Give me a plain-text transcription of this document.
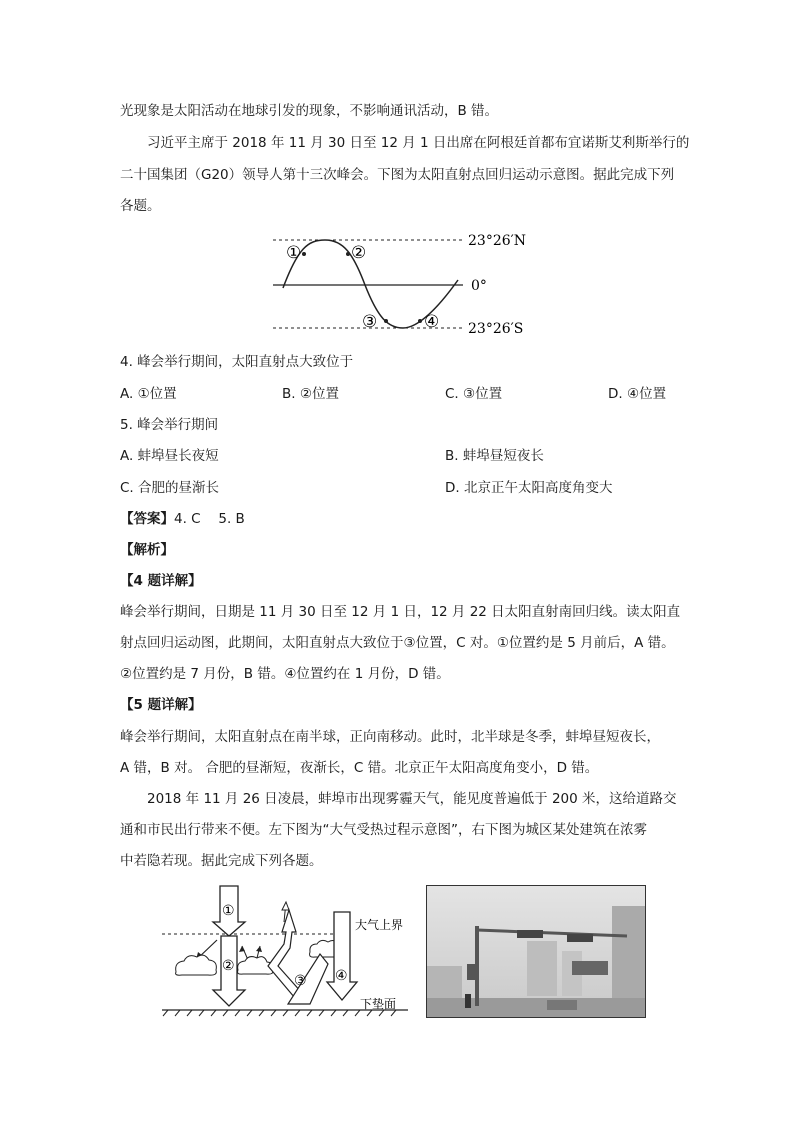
光现象是太阳活动在地球引发的现象，不影响通讯活动，B 错。
习近平主席于 2018 年 11 月 30 日至 12 月 1 日出席在阿根廷首都布宜诺斯艾利斯举行的
二十国集团（G20）领导人第十三次峰会。下图为太阳直射点回归运动示意图。据此完成下列
各题。
①	②
③	④
23°26′N
0°
23°26′S
4. 峰会举行期间，太阳直射点大致位于
A. ①位置	B. ②位置	C. ③位置	D. ④位置
5. 峰会举行期间
A. 蚌埠昼长夜短	B. 蚌埠昼短夜长
C. 合肥的昼渐长	D. 北京正午太阳高度角变大
【答案】4. C　 5. B
【解析】
【4 题详解】
峰会举行期间，日期是 11 月 30 日至 12 月 1 日，12 月 22 日太阳直射南回归线。读太阳直
射点回归运动图，此期间，太阳直射点大致位于③位置，C 对。①位置约是 5 月前后，A 错。
②位置约是 7 月份，B 错。④位置约在 1 月份，D 错。
【5 题详解】
峰会举行期间，太阳直射点在南半球，正向南移动。此时，北半球是冬季，蚌埠昼短夜长，
A 错，B 对。 合肥的昼渐短，夜渐长，C 错。北京正午太阳高度角变小，D 错。
2018 年 11 月 26 日凌晨，蚌埠市出现雾霾天气，能见度普遍低于 200 米，这给道路交
通和市民出行带来不便。左下图为“大气受热过程示意图”，右下图为城区某处建筑在浓雾
中若隐若现。据此完成下列各题。
①
②
③ ④
大气上界
下垫面
